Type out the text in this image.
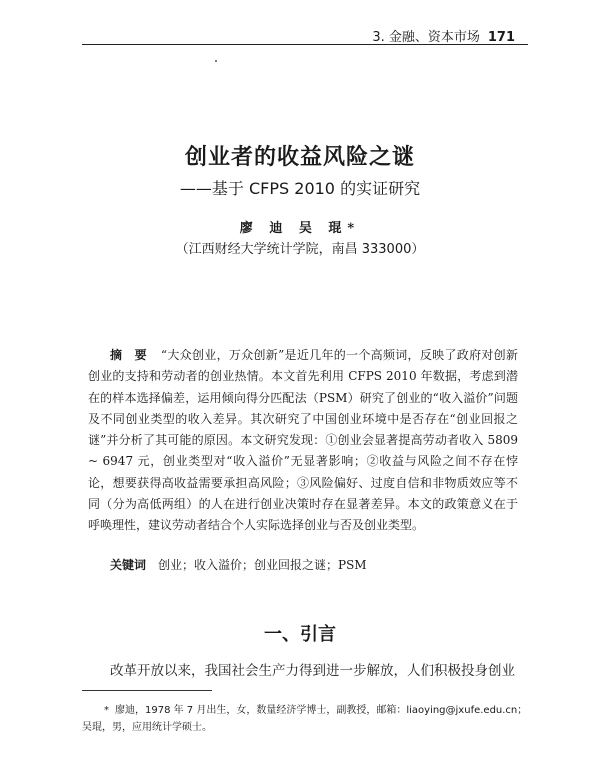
3. 金融、资本市场 171
创业者的收益风险之谜
——基于 CFPS 2010 的实证研究
廖 迪 吴 琨*
（江西财经大学统计学院，南昌 333000）
摘　要 “大众创业，万众创新”是近几年的一个高频词，反映了政府对创新创业的支持和劳动者的创业热情。本文首先利用 CFPS 2010 年数据，考虑到潜在的样本选择偏差，运用倾向得分匹配法（PSM）研究了创业的“收入溢价”问题及不同创业类型的收入差异。其次研究了中国创业环境中是否存在“创业回报之谜”并分析了其可能的原因。本文研究发现：①创业会显著提高劳动者收入 5809 ~ 6947 元，创业类型对“收入溢价”无显著影响；②收益与风险之间不存在悖论，想要获得高收益需要承担高风险；③风险偏好、过度自信和非物质效应等不同（分为高低两组）的人在进行创业决策时存在显著差异。本文的政策意义在于呼唤理性，建议劳动者结合个人实际选择创业与否及创业类型。
关键词 创业；收入溢价；创业回报之谜；PSM
一、引言
改革开放以来，我国社会生产力得到进一步解放，人们积极投身创业
* 廖迪，1978 年 7 月出生，女，数量经济学博士，副教授，邮箱：liaoying@jxufe.edu.cn；吴琨，男，应用统计学硕士。
